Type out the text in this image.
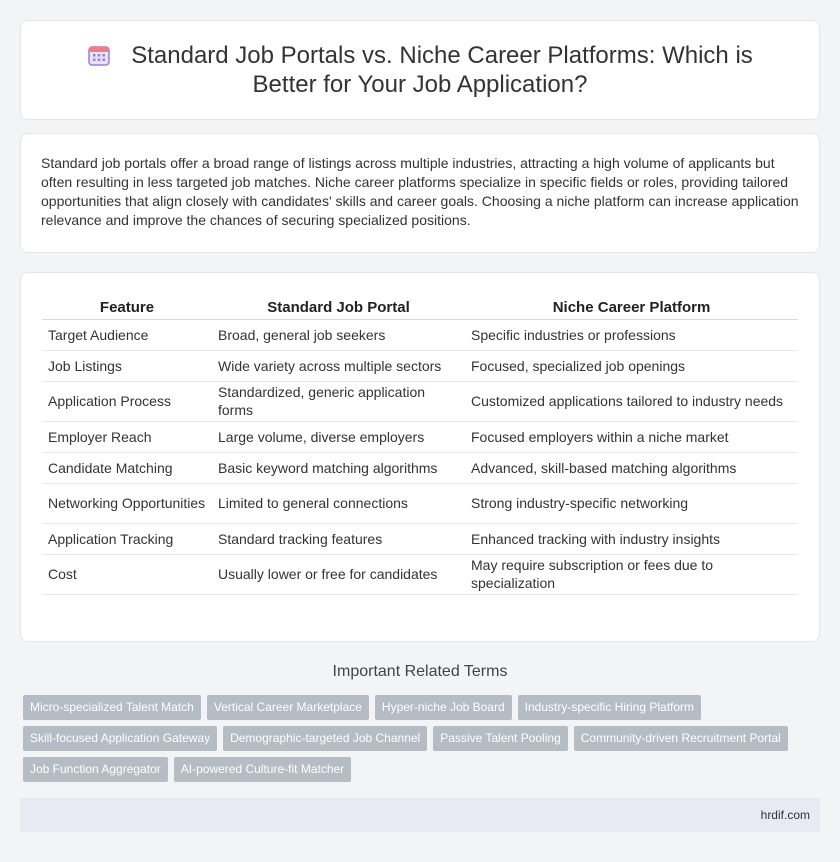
Standard Job Portals vs. Niche Career Platforms: Which is Better for Your Job Application?

Standard job portals offer a broad range of listings across multiple industries, attracting a high volume of applicants but often resulting in less targeted job matches. Niche career platforms specialize in specific fields or roles, providing tailored opportunities that align closely with candidates' skills and career goals. Choosing a niche platform can increase application relevance and improve the chances of securing specialized positions.

Feature	Standard Job Portal	Niche Career Platform
Target Audience	Broad, general job seekers	Specific industries or professions
Job Listings	Wide variety across multiple sectors	Focused, specialized job openings
Application Process	Standardized, generic application forms	Customized applications tailored to industry needs
Employer Reach	Large volume, diverse employers	Focused employers within a niche market
Candidate Matching	Basic keyword matching algorithms	Advanced, skill-based matching algorithms
Networking Opportunities	Limited to general connections	Strong industry-specific networking
Application Tracking	Standard tracking features	Enhanced tracking with industry insights
Cost	Usually lower or free for candidates	May require subscription or fees due to specialization
Important Related Terms
Micro-specialized Talent Match	Vertical Career Marketplace	Hyper-niche Job Board	Industry-specific Hiring Platform
Skill-focused Application Gateway	Demographic-targeted Job Channel	Passive Talent Pooling	Community-driven Recruitment Portal
Job Function Aggregator	AI-powered Culture-fit Matcher
hrdif.com
